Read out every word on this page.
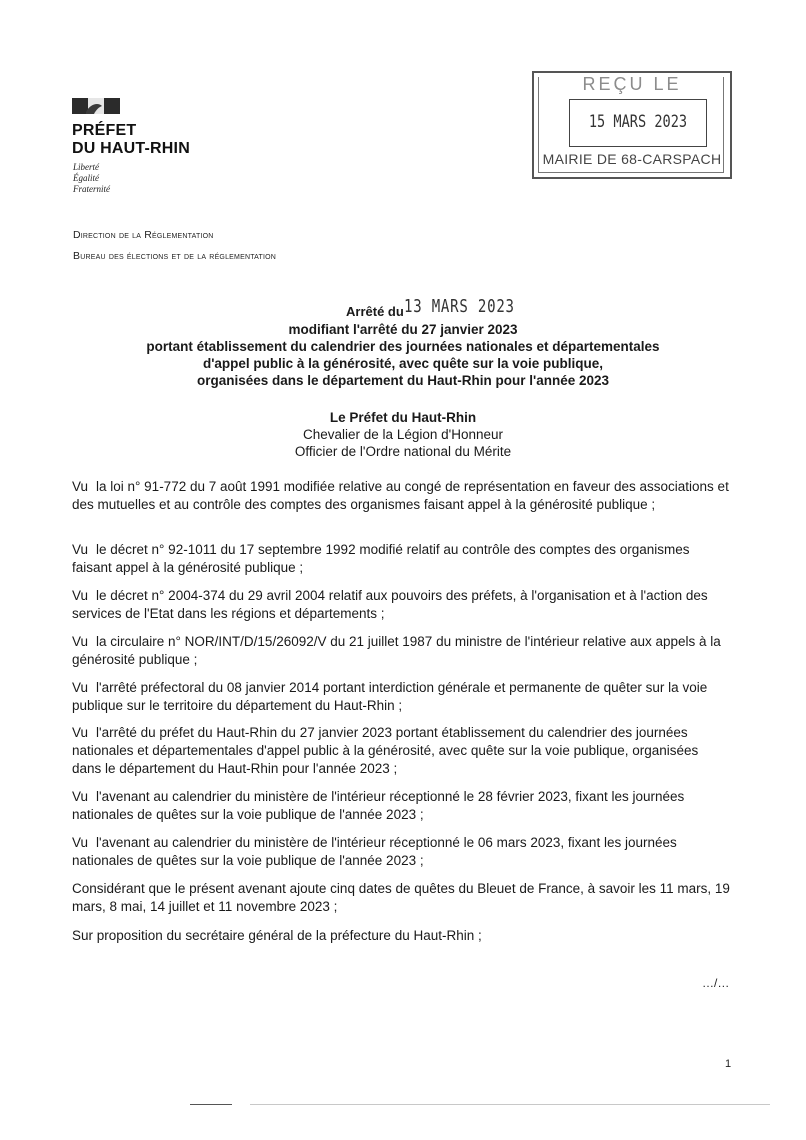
PRÉFET
DU HAUT-RHIN
Liberté
Égalité
Fraternité
REÇU LE
15 MARS 2023
MAIRIE DE 68-CARSPACH
Direction de la Réglementation
Bureau des élections et de la réglementation
Arrêté du 13 MARS 2023
modifiant l'arrêté du 27 janvier 2023
portant établissement du calendrier des journées nationales et départementales
d'appel public à la générosité, avec quête sur la voie publique,
organisées dans le département du Haut-Rhin pour l'année 2023
Le Préfet du Haut-Rhin
Chevalier de la Légion d'Honneur
Officier de l'Ordre national du Mérite
Vu la loi n° 91-772 du 7 août 1991 modifiée relative au congé de représentation en faveur des associations et des mutuelles et au contrôle des comptes des organismes faisant appel à la générosité publique ;
Vu le décret n° 92-1011 du 17 septembre 1992 modifié relatif au contrôle des comptes des organismes faisant appel à la générosité publique ;
Vu le décret n° 2004-374 du 29 avril 2004 relatif aux pouvoirs des préfets, à l'organisation et à l'action des services de l'Etat dans les régions et départements ;
Vu la circulaire n° NOR/INT/D/15/26092/V du 21 juillet 1987 du ministre de l'intérieur relative aux appels à la générosité publique ;
Vu l'arrêté préfectoral du 08 janvier 2014 portant interdiction générale et permanente de quêter sur la voie publique sur le territoire du département du Haut-Rhin ;
Vu l'arrêté du préfet du Haut-Rhin du 27 janvier 2023 portant établissement du calendrier des journées nationales et départementales d'appel public à la générosité, avec quête sur la voie publique, organisées dans le département du Haut-Rhin pour l'année 2023 ;
Vu l'avenant au calendrier du ministère de l'intérieur réceptionné le 28 février 2023, fixant les journées nationales de quêtes sur la voie publique de l'année 2023 ;
Vu l'avenant au calendrier du ministère de l'intérieur réceptionné le 06 mars 2023, fixant les journées nationales de quêtes sur la voie publique de l'année 2023 ;
Considérant que le présent avenant ajoute cinq dates de quêtes du Bleuet de France, à savoir les 11 mars, 19 mars, 8 mai, 14 juillet et 11 novembre 2023 ;
Sur proposition du secrétaire général de la préfecture du Haut-Rhin ;
…/…
1
